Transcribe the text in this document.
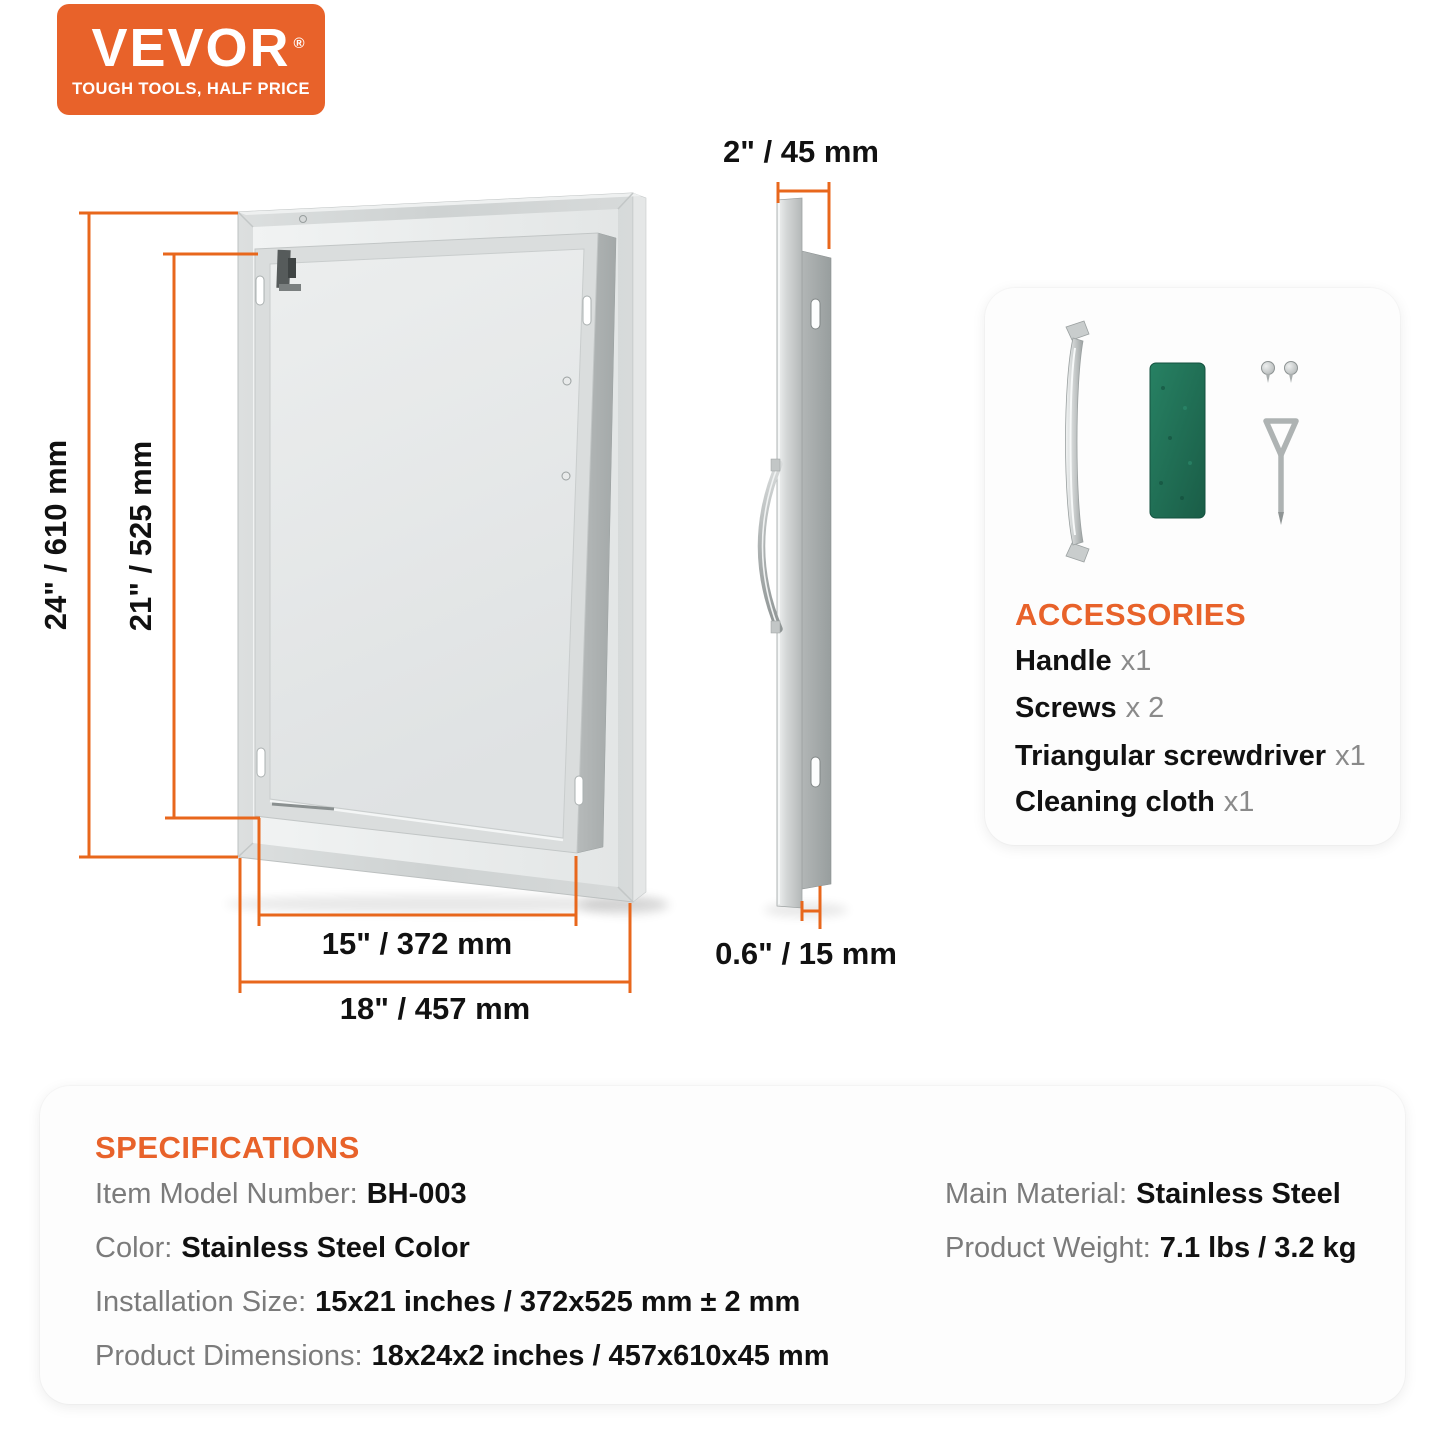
24" / 610 mm 21" / 525 mm
15" / 372 mm
18" / 457 mm
2" / 45 mm
0.6" / 15 mm
VEVOR ®
TOUGH TOOLS, HALF PRICE
ACCESSORIES
Handle x1
Screws x 2
Triangular screwdriver x1
Cleaning cloth x1
SPECIFICATIONS
Item Model Number: BH-003
Color: Stainless Steel Color
Installation Size: 15x21 inches / 372x525 mm ± 2 mm
Product Dimensions: 18x24x2 inches / 457x610x45 mm
Main Material: Stainless Steel
Product Weight: 7.1 lbs / 3.2 kg
